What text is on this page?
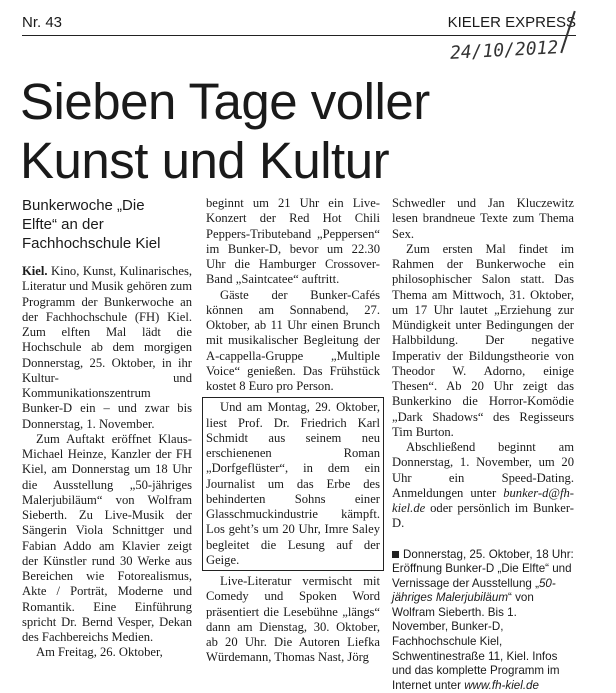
Nr. 43	KIELER EXPRESS
24/10/2012
Sieben Tage voller
Kunst und Kultur
Bunkerwoche „Die
Elfte“ an der
Fachhochschule Kiel

Kiel. Kino, Kunst, Kulinarisches, Literatur und Musik gehören zum Programm der Bunkerwoche an der Fachhochschule (FH) Kiel. Zum elften Mal lädt die Hochschule ab dem morgigen Donnerstag, 25. Oktober, in ihr Kultur- und Kommunikationszentrum Bunker-D ein – und zwar bis Donnerstag, 1. November.

Zum Auftakt eröffnet Klaus-Michael Heinze, Kanzler der FH Kiel, am Donnerstag um 18 Uhr die Ausstellung „50-jähriges Malerjubiläum“ von Wolfram Sieberth. Zu Live-Musik der Sängerin Viola Schnittger und Fabian Addo am Klavier zeigt der Künstler rund 30 Werke aus Bereichen wie Fotorealismus, Akte / Porträt, Moderne und Romantik. Eine Einführung spricht Dr. Bernd Vesper, Dekan des Fachbereichs Medien.

Am Freitag, 26. Oktober,

beginnt um 21 Uhr ein Live-Konzert der Red Hot Chili Peppers-Tributeband „Peppersen“ im Bunker-D, bevor um 22.30 Uhr die Hamburger Crossover-Band „Saintcatee“ auftritt.

Gäste der Bunker-Cafés können am Sonnabend, 27. Oktober, ab 11 Uhr einen Brunch mit musikalischer Begleitung der A-cappella-Gruppe „Multiple Voice“ genießen. Das Frühstück kostet 8 Euro pro Person.

Und am Montag, 29. Oktober, liest Prof. Dr. Friedrich Karl Schmidt aus seinem neu erschienenen Roman „Dorfgeflüster“, in dem ein Journalist um das Erbe des behinderten Sohns einer Glasschmuckindustrie kämpft. Los geht’s um 20 Uhr, Imre Saley begleitet die Lesung auf der Geige.

Live-Literatur vermischt mit Comedy und Spoken Word präsentiert die Lesebühne „längs“ dann am Dienstag, 30. Oktober, ab 20 Uhr. Die Autoren Liefka Würdemann, Thomas Nast, Jörg

Schwedler und Jan Kluczewitz lesen brandneue Texte zum Thema Sex.

Zum ersten Mal findet im Rahmen der Bunkerwoche ein philosophischer Salon statt. Das Thema am Mittwoch, 31. Oktober, um 17 Uhr lautet „Erziehung zur Mündigkeit unter Bedingungen der Halbbildung. Der negative Imperativ der Bildungstheorie von Theodor W. Adorno, einige Thesen“. Ab 20 Uhr zeigt das Bunkerkino die Horror-Komödie „Dark Shadows“ des Regisseurs Tim Burton.

Abschließend beginnt am Donnerstag, 1. November, um 20 Uhr ein Speed-Dating. Anmeldungen unter bunker-d@fh-kiel.de oder persönlich im Bunker-D.

Donnerstag, 25. Oktober, 18 Uhr: Eröffnung Bunker-D „Die Elfte“ und Vernissage der Ausstellung „50-jähriges Malerjubiläum“ von Wolfram Sieberth. Bis 1. November, Bunker-D, Fachhochschule Kiel, Schwentinestraße 11, Kiel. Infos und das komplette Programm im Internet unter www.fh-kiel.de
